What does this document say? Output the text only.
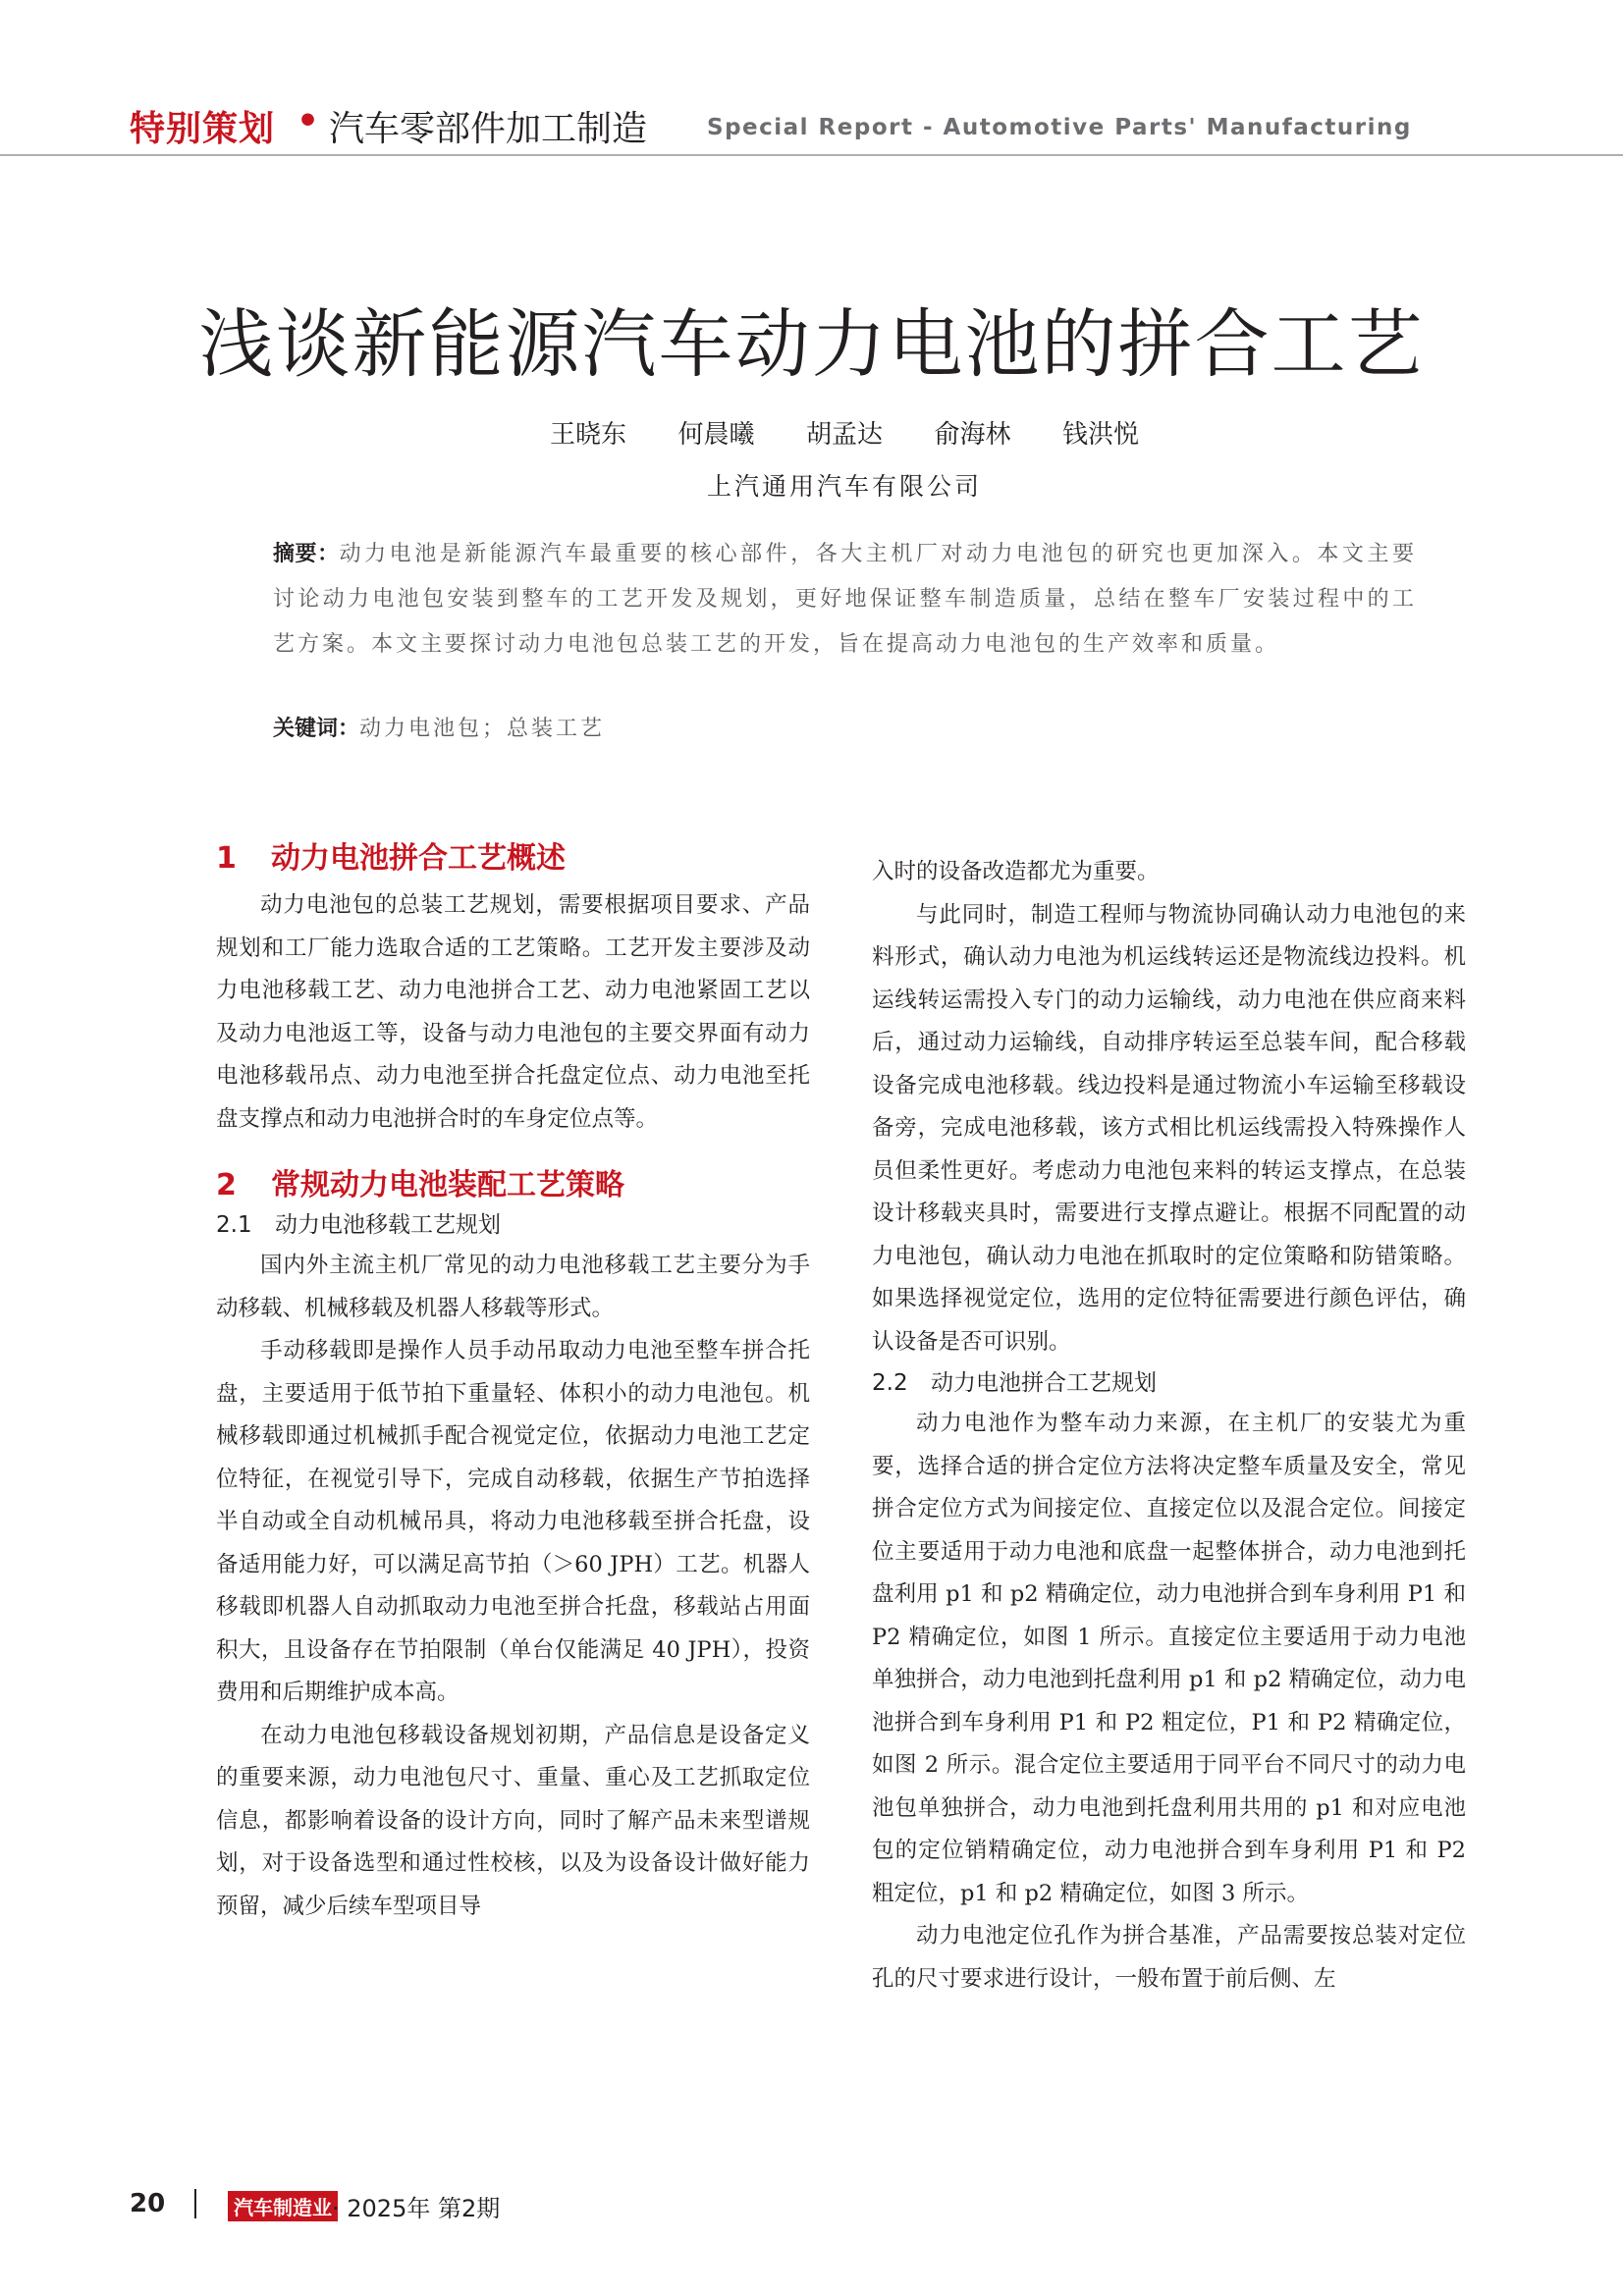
特别策划 • 汽车零部件加工制造	Special Report - Automotive Parts' Manufacturing
浅谈新能源汽车动力电池的拼合工艺
王晓东  何晨曦  胡孟达  俞海林  钱洪悦
上汽通用汽车有限公司
摘要：动力电池是新能源汽车最重要的核心部件，各大主机厂对动力电池包的研究也更加深入。本文主要讨论动力电池包安装到整车的工艺开发及规划，更好地保证整车制造质量，总结在整车厂安装过程中的工艺方案。本文主要探讨动力电池包总装工艺的开发，旨在提高动力电池包的生产效率和质量。
关键词：动力电池包；总装工艺
1 动力电池拼合工艺概述

动力电池包的总装工艺规划，需要根据项目要求、产品规划和工厂能力选取合适的工艺策略。工艺开发主要涉及动力电池移载工艺、动力电池拼合工艺、动力电池紧固工艺以及动力电池返工等，设备与动力电池包的主要交界面有动力电池移载吊点、动力电池至拼合托盘定位点、动力电池至托盘支撑点和动力电池拼合时的车身定位点等。

2 常规动力电池装配工艺策略
2.1 动力电池移载工艺规划

国内外主流主机厂常见的动力电池移载工艺主要分为手动移载、机械移载及机器人移载等形式。

手动移载即是操作人员手动吊取动力电池至整车拼合托盘，主要适用于低节拍下重量轻、体积小的动力电池包。机械移载即通过机械抓手配合视觉定位，依据动力电池工艺定位特征，在视觉引导下，完成自动移载，依据生产节拍选择半自动或全自动机械吊具，将动力电池移载至拼合托盘，设备适用能力好，可以满足高节拍（＞60 JPH）工艺。机器人移载即机器人自动抓取动力电池至拼合托盘，移载站占用面积大，且设备存在节拍限制（单台仅能满足 40 JPH），投资费用和后期维护成本高。

在动力电池包移载设备规划初期，产品信息是设备定义的重要来源，动力电池包尺寸、重量、重心及工艺抓取定位信息，都影响着设备的设计方向，同时了解产品未来型谱规划，对于设备选型和通过性校核，以及为设备设计做好能力预留，减少后续车型项目导

入时的设备改造都尤为重要。

与此同时，制造工程师与物流协同确认动力电池包的来料形式，确认动力电池为机运线转运还是物流线边投料。机运线转运需投入专门的动力运输线，动力电池在供应商来料后，通过动力运输线，自动排序转运至总装车间，配合移载设备完成电池移载。线边投料是通过物流小车运输至移载设备旁，完成电池移载，该方式相比机运线需投入特殊操作人员但柔性更好。考虑动力电池包来料的转运支撑点，在总装设计移载夹具时，需要进行支撑点避让。根据不同配置的动力电池包，确认动力电池在抓取时的定位策略和防错策略。如果选择视觉定位，选用的定位特征需要进行颜色评估，确认设备是否可识别。

2.2 动力电池拼合工艺规划

动力电池作为整车动力来源，在主机厂的安装尤为重要，选择合适的拼合定位方法将决定整车质量及安全，常见拼合定位方式为间接定位、直接定位以及混合定位。间接定位主要适用于动力电池和底盘一起整体拼合，动力电池到托盘利用 p1 和 p2 精确定位，动力电池拼合到车身利用 P1 和 P2 精确定位，如图 1 所示。直接定位主要适用于动力电池单独拼合，动力电池到托盘利用 p1 和 p2 精确定位，动力电池拼合到车身利用 P1 和 P2 粗定位，P1 和 P2 精确定位，如图 2 所示。混合定位主要适用于同平台不同尺寸的动力电池包单独拼合，动力电池到托盘利用共用的 p1 和对应电池包的定位销精确定位，动力电池拼合到车身利用 P1 和 P2 粗定位，p1 和 p2 精确定位，如图 3 所示。

动力电池定位孔作为拼合基准，产品需要按总装对定位孔的尺寸要求进行设计，一般布置于前后侧、左

20	汽车制造业 · 2025年 第2期
